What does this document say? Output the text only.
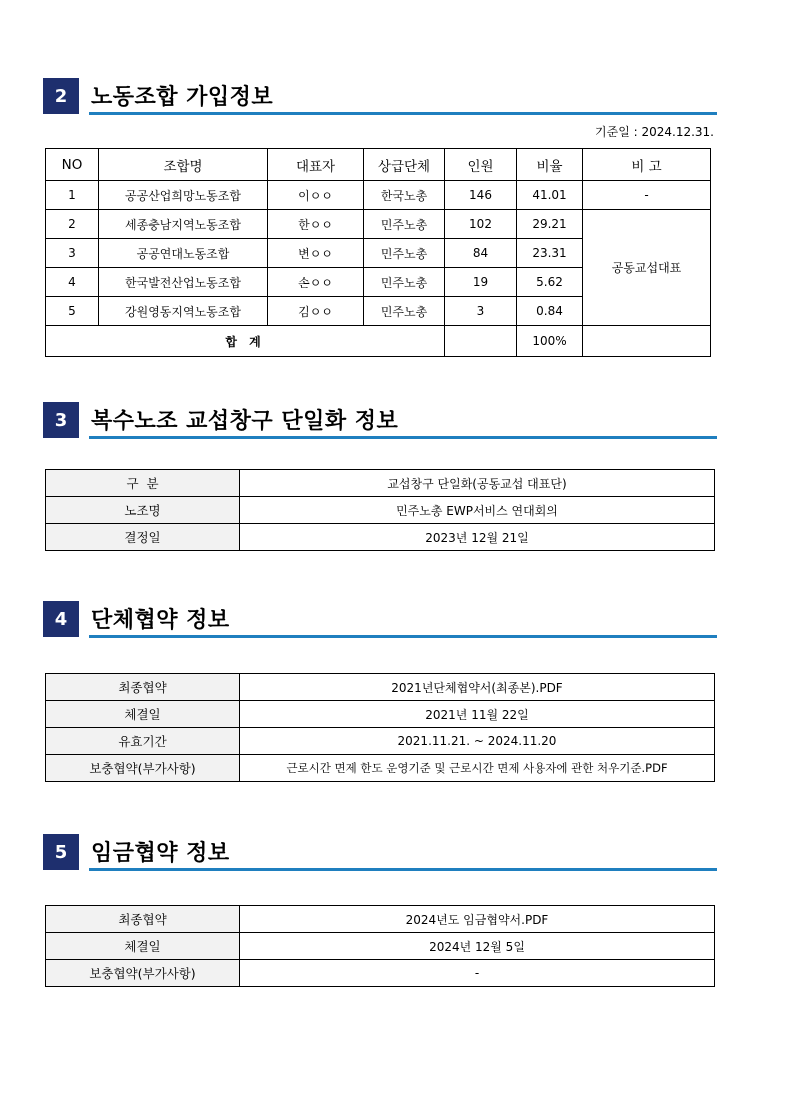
2	노동조합 가입정보
기준일 : 2024.12.31.
NO	조합명	대표자	상급단체	인원	비율	비 고
1	공공산업희망노동조합	이ㅇㅇ	한국노총	146	41.01	-
2	세종충남지역노동조합	한ㅇㅇ	민주노총	102	29.21	공동교섭대표
3	공공연대노동조합	변ㅇㅇ	민주노총	84	23.31	
4	한국발전산업노동조합	손ㅇㅇ	민주노총	19	5.62	
5	강원영동지역노동조합	김ㅇㅇ	민주노총	3	0.84	
합 계					100%	
3	복수노조 교섭창구 단일화 정보
구  분	교섭창구 단일화(공동교섭 대표단)
노조명	민주노총 EWP서비스 연대회의
결정일	2023년 12월 21일
4	단체협약 정보
최종협약	2021년단체협약서(최종본).PDF
체결일	2021년 11월 22일
유효기간	2021.11.21. ~ 2024.11.20
보충협약(부가사항)	근로시간 면제 한도 운영기준 및 근로시간 면제 사용자에 관한 처우기준.PDF
5	임금협약 정보
최종협약	2024년도 임금협약서.PDF
체결일	2024년 12월 5일
보충협약(부가사항)	-
